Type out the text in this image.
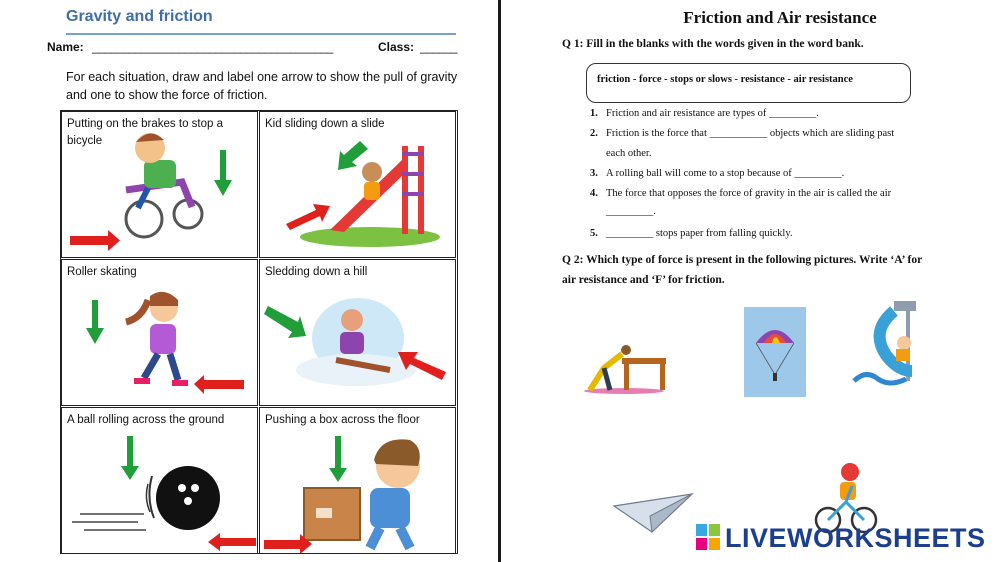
Gravity and friction
Name: _______________________________________	Class: ______
For each situation, draw and label one arrow to show the pull of gravity and one to show the force of friction.
Putting on the brakes to stop a bicycle
Kid sliding down a slide
Roller skating	Sledding down a hill
A ball rolling across the ground	Pushing a box across the floor
Friction and Air resistance
Q 1: Fill in the blanks with the words given in the word bank.
friction - force - stops or slows - resistance - air resistance
1. Friction and air resistance are types of _________.
2. Friction is the force that ___________ objects which are sliding past
each other.
3. A rolling ball will come to a stop because of _________.
4. The force that opposes the force of gravity in the air is called the air
_________.
5. _________ stops paper from falling quickly.
Q 2: Which type of force is present in the following pictures. Write ‘A’ for
air resistance and ‘F’ for friction.
LIVEWORKSHEETS
